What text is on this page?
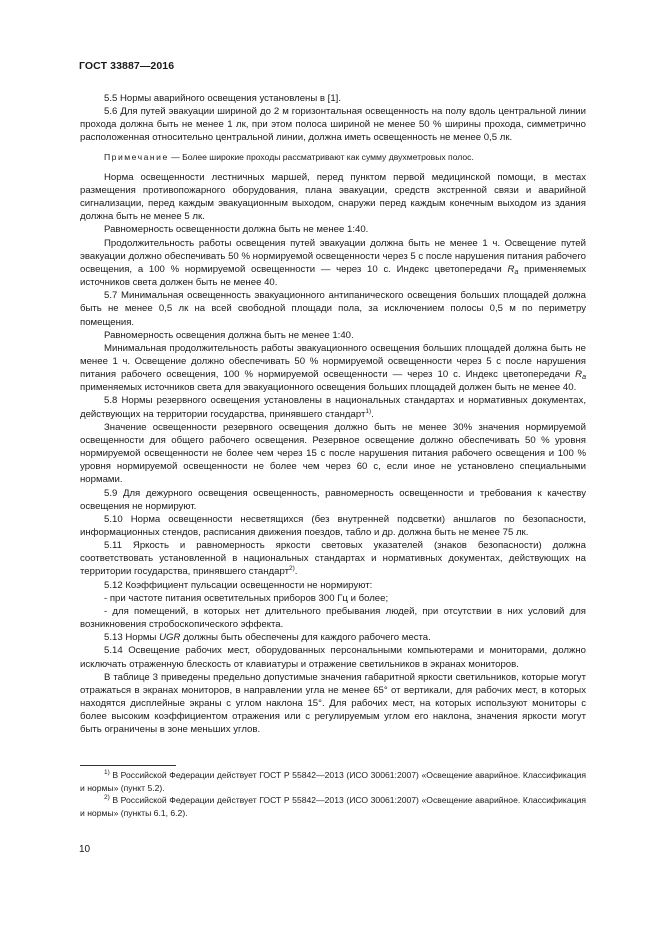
ГОСТ 33887—2016

5.5 Нормы аварийного освещения установлены в [1].

5.6 Для путей эвакуации шириной до 2 м горизонтальная освещенность на полу вдоль центральной линии прохода должна быть не менее 1 лк, при этом полоса шириной не менее 50 % ширины прохода, симметрично расположенная относительно центральной линии, должна иметь освещенность не менее 0,5 лк.

Примечание — Более широкие проходы рассматривают как сумму двухметровых полос.

Норма освещенности лестничных маршей, перед пунктом первой медицинской помощи, в местах размещения противопожарного оборудования, плана эвакуации, средств экстренной связи и аварийной сигнализации, перед каждым эвакуационным выходом, снаружи перед каждым конечным выходом из здания должна быть не менее 5 лк.

Равномерность освещенности должна быть не менее 1:40.

Продолжительность работы освещения путей эвакуации должна быть не менее 1 ч. Освещение путей эвакуации должно обеспечивать 50 % нормируемой освещенности через 5 с после нарушения питания рабочего освещения, а 100 % нормируемой освещенности — через 10 с. Индекс цветопередачи $R_a$ применяемых источников света должен быть не менее 40.

5.7 Минимальная освещенность эвакуационного антипанического освещения больших площадей должна быть не менее 0,5 лк на всей свободной площади пола, за исключением полосы 0,5 м по периметру помещения.

Равномерность освещения должна быть не менее 1:40.

Минимальная продолжительность работы эвакуационного освещения больших площадей должна быть не менее 1 ч. Освещение должно обеспечивать 50 % нормируемой освещенности через 5 с после нарушения питания рабочего освещения, 100 % нормируемой освещенности — через 10 с. Индекс цветопередачи $R_a$ применяемых источников света для эвакуационного освещения больших площадей должен быть не менее 40.

5.8 Нормы резервного освещения установлены в национальных стандартах и нормативных документах, действующих на территории государства, принявшего стандарт$^{1)}$.

Значение освещенности резервного освещения должно быть не менее 30% значения нормируемой освещенности для общего рабочего освещения. Резервное освещение должно обеспечивать 50 % уровня нормируемой освещенности не более чем через 15 с после нарушения питания рабочего освещения и 100 % уровня нормируемой освещенности не более чем через 60 с, если иное не установлено специальными нормами.

5.9 Для дежурного освещения освещенность, равномерность освещенности и требования к качеству освещения не нормируют.

5.10 Норма освещенности несветящихся (без внутренней подсветки) аншлагов по безопасности, информационных стендов, расписания движения поездов, табло и др. должна быть не менее 75 лк.

5.11 Яркость и равномерность яркости световых указателей (знаков безопасности) должна соответствовать установленной в национальных стандартах и нормативных документах, действующих на территории государства, принявшего стандарт$^{2)}$.

5.12 Коэффициент пульсации освещенности не нормируют:

- при частоте питания осветительных приборов 300 Гц и более;

- для помещений, в которых нет длительного пребывания людей, при отсутствии в них условий для возникновения стробоскопического эффекта.

5.13 Нормы UGR должны быть обеспечены для каждого рабочего места.

5.14 Освещение рабочих мест, оборудованных персональными компьютерами и мониторами, должно исключать отраженную блескость от клавиатуры и отражение светильников в экранах мониторов.

В таблице 3 приведены предельно допустимые значения габаритной яркости светильников, которые могут отражаться в экранах мониторов, в направлении угла не менее 65° от вертикали, для рабочих мест, в которых находятся дисплейные экраны с углом наклона 15°. Для рабочих мест, на которых используют мониторы с более высоким коэффициентом отражения или с регулируемым углом его наклона, значения яркости могут быть ограничены в зоне меньших углов.

$^{1)}$ В Российской Федерации действует ГОСТ Р 55842—2013 (ИСО 30061:2007) «Освещение аварийное. Классификация и нормы» (пункт 5.2).

$^{2)}$ В Российской Федерации действует ГОСТ Р 55842—2013 (ИСО 30061:2007) «Освещение аварийное. Классификация и нормы» (пункты 6.1, 6.2).

10
